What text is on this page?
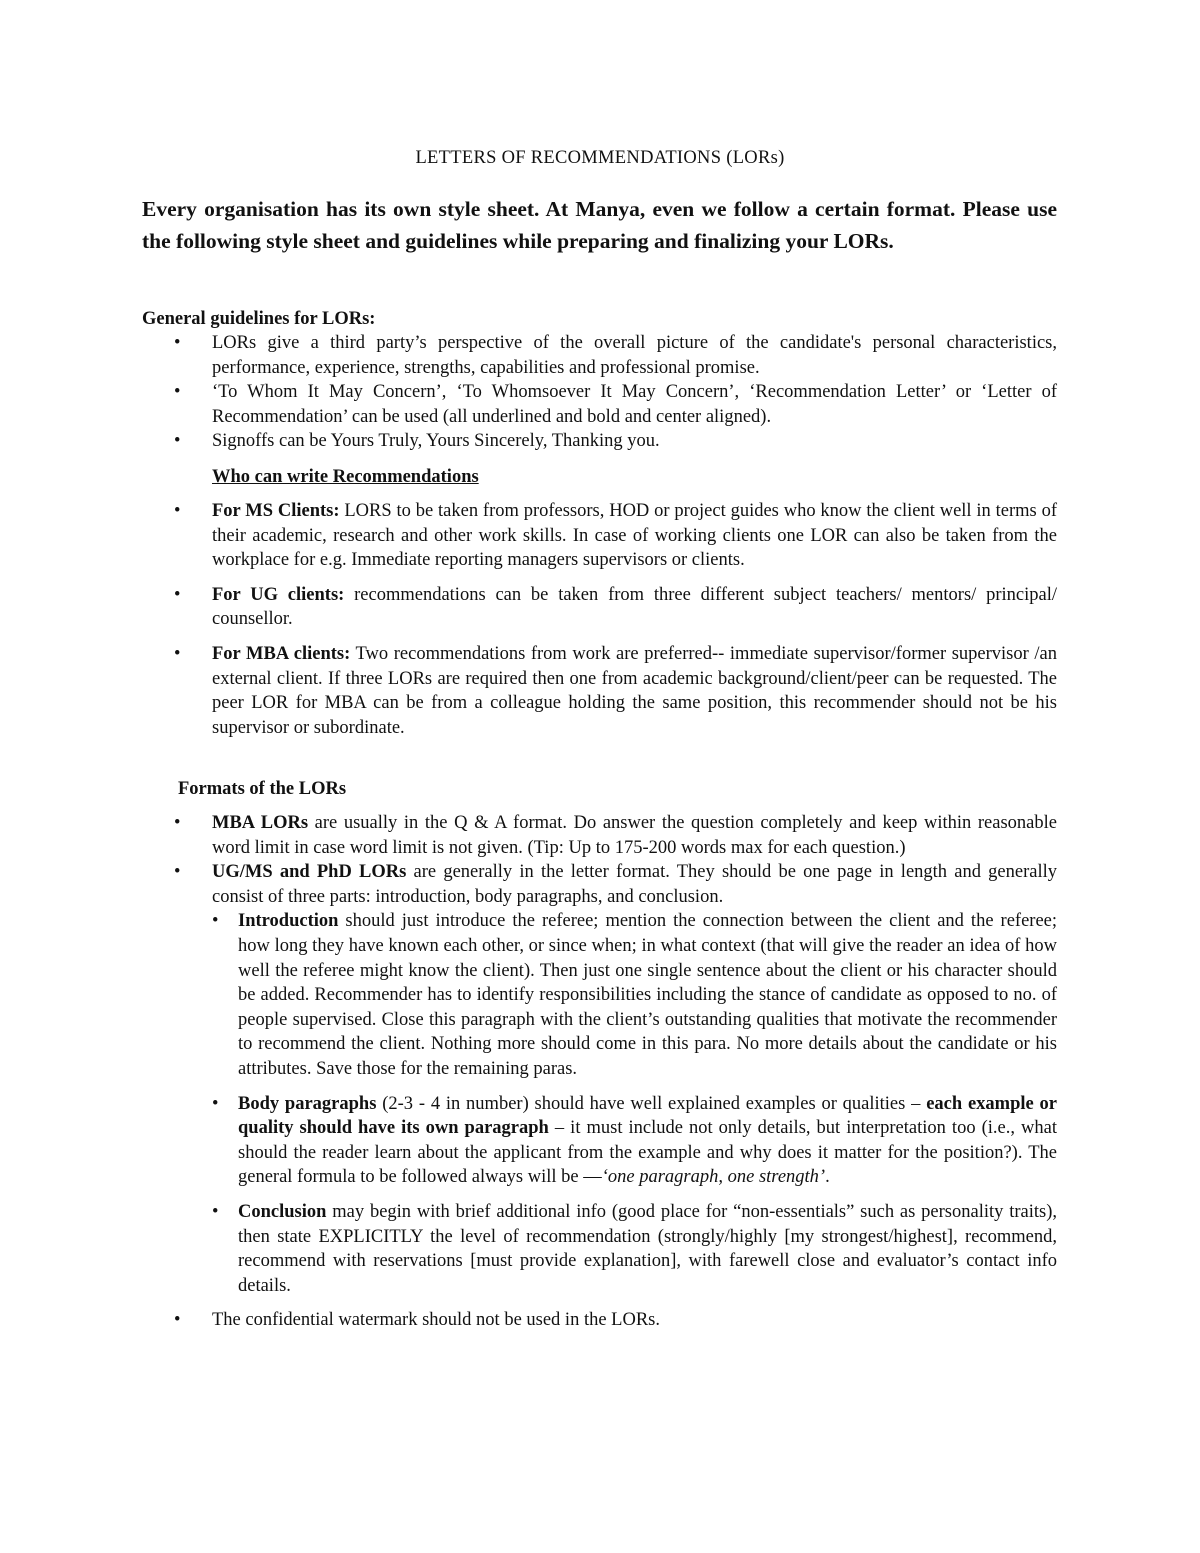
LETTERS OF RECOMMENDATIONS (LORs)
Every organisation has its own style sheet. At Manya, even we follow a certain format. Please use the following style sheet and guidelines while preparing and finalizing your LORs.
General guidelines for LORs:
• LORs give a third party’s perspective of the overall picture of the candidate's personal characteristics, performance, experience, strengths, capabilities and professional promise.
• ‘To Whom It May Concern’, ‘To Whomsoever It May Concern’, ‘Recommendation Letter’ or ‘Letter of Recommendation’ can be used (all underlined and bold and center aligned).
• Signoffs can be Yours Truly, Yours Sincerely, Thanking you.
Who can write Recommendations
• For MS Clients: LORS to be taken from professors, HOD or project guides who know the client well in terms of their academic, research and other work skills. In case of working clients one LOR can also be taken from the workplace for e.g. Immediate reporting managers supervisors or clients.
• For UG clients: recommendations can be taken from three different subject teachers/ mentors/ principal/ counsellor.
• For MBA clients: Two recommendations from work are preferred-- immediate supervisor/former supervisor /an external client. If three LORs are required then one from academic background/client/peer can be requested. The peer LOR for MBA can be from a colleague holding the same position, this recommender should not be his supervisor or subordinate.
Formats of the LORs
• MBA LORs are usually in the Q & A format. Do answer the question completely and keep within reasonable word limit in case word limit is not given. (Tip: Up to 175-200 words max for each question.)
• UG/MS and PhD LORs are generally in the letter format. They should be one page in length and generally consist of three parts: introduction, body paragraphs, and conclusion.
• Introduction should just introduce the referee; mention the connection between the client and the referee; how long they have known each other, or since when; in what context (that will give the reader an idea of how well the referee might know the client). Then just one single sentence about the client or his character should be added. Recommender has to identify responsibilities including the stance of candidate as opposed to no. of people supervised. Close this paragraph with the client’s outstanding qualities that motivate the recommender to recommend the client. Nothing more should come in this para. No more details about the candidate or his attributes. Save those for the remaining paras.
• Body paragraphs (2-3 - 4 in number) should have well explained examples or qualities – each example or quality should have its own paragraph – it must include not only details, but interpretation too (i.e., what should the reader learn about the applicant from the example and why does it matter for the position?). The general formula to be followed always will be —‘one paragraph, one strength’.
• Conclusion may begin with brief additional info (good place for “non-essentials” such as personality traits), then state EXPLICITLY the level of recommendation (strongly/highly [my strongest/highest], recommend, recommend with reservations [must provide explanation], with farewell close and evaluator’s contact info details.
• The confidential watermark should not be used in the LORs.
